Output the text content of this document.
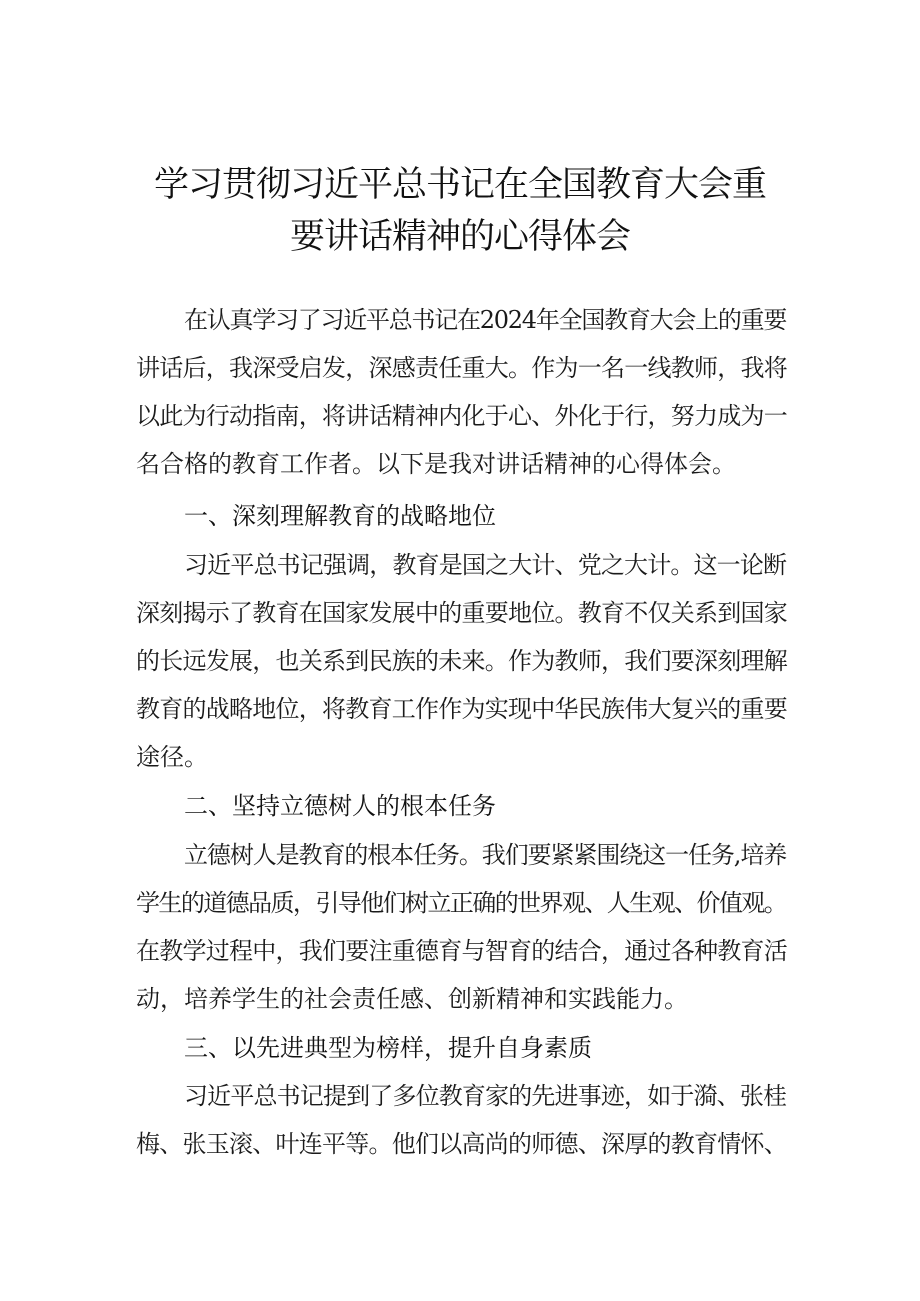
学习贯彻习近平总书记在全国教育大会重
要讲话精神的心得体会
在认真学习了习近平总书记在2024年全国教育大会上的重要
讲话后，我深受启发，深感责任重大。作为一名一线教师，我将
以此为行动指南，将讲话精神内化于心、外化于行，努力成为一
名合格的教育工作者。以下是我对讲话精神的心得体会。
一、深刻理解教育的战略地位
习近平总书记强调，教育是国之大计、党之大计。这一论断
深刻揭示了教育在国家发展中的重要地位。教育不仅关系到国家
的长远发展，也关系到民族的未来。作为教师，我们要深刻理解
教育的战略地位，将教育工作作为实现中华民族伟大复兴的重要
途径。
二、坚持立德树人的根本任务
立德树人是教育的根本任务。我们要紧紧围绕这一任务,培养
学生的道德品质，引导他们树立正确的世界观、人生观、价值观。
在教学过程中，我们要注重德育与智育的结合，通过各种教育活
动，培养学生的社会责任感、创新精神和实践能力。
三、以先进典型为榜样，提升自身素质
习近平总书记提到了多位教育家的先进事迹，如于漪、张桂
梅、张玉滚、叶连平等。他们以高尚的师德、深厚的教育情怀、
